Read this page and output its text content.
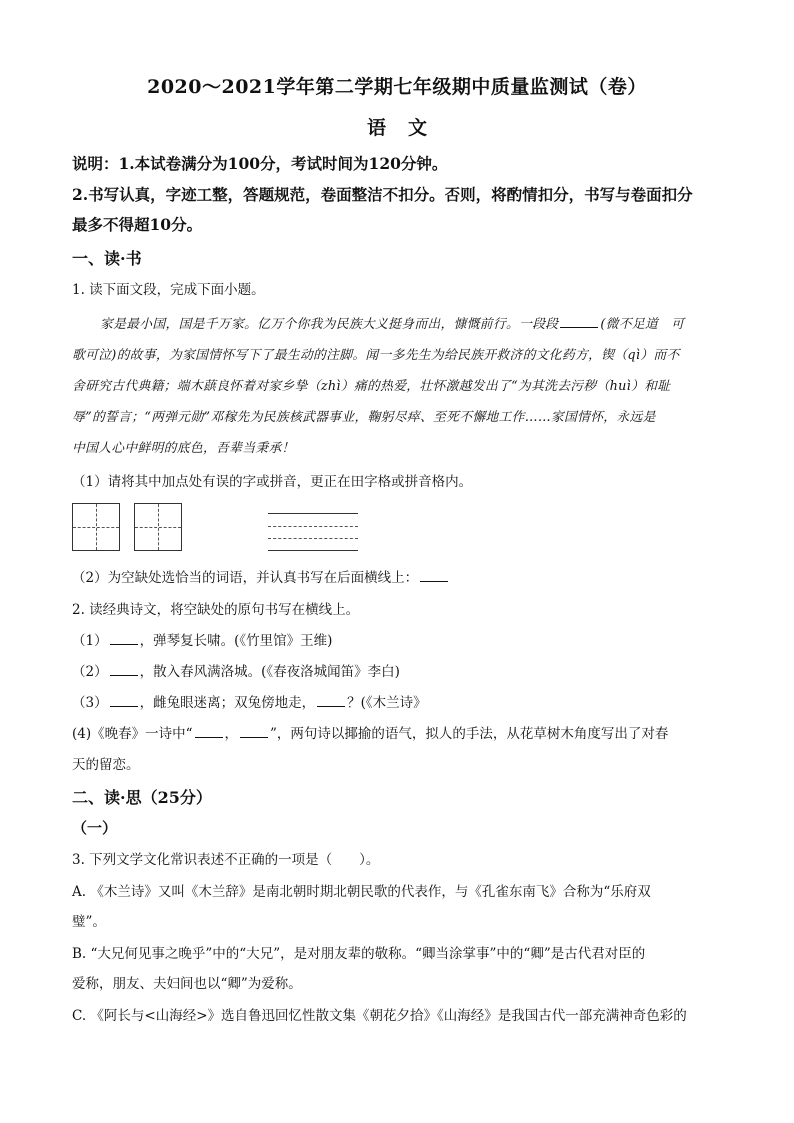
2020～2021学年第二学期七年级期中质量监测试（卷）
语文
说明：1.本试卷满分为100分，考试时间为120分钟。
2.书写认真，字迹工整，答题规范，卷面整洁不扣分。否则，将酌情扣分，书写与卷面扣分
最多不得超10分。
一、读·书
1. 读下面文段，完成下面小题。
家是最小国，国是千万家。亿万个你我为民族大义挺身而出，慷慨前行。一段段	(微不足道　可
歌可泣)的故事，为家国情怀写下了最生动的注脚。闻一多先生为给民族开救济的文化药方，锲（qì）而不
舍研究古代典籍；端木蕻良怀着对家乡挚（zhì）痛的热爱，壮怀激越发出了“为其洗去污秽（huì）和耻
辱”的誓言；“两弹元勋”邓稼先为民族核武器事业，鞠躬尽瘁、至死不懈地工作……家国情怀，永远是
中国人心中鲜明的底色，吾辈当秉承！
（1）请将其中加点处有误的字或拼音，更正在田字格或拼音格内。
（2）为空缺处选恰当的词语，并认真书写在后面横线上：
2. 读经典诗文，将空缺处的原句书写在横线上。
（1） ，弹琴复长啸。(《竹里馆》王维)
（2） ，散入春风满洛城。(《春夜洛城闻笛》李白)
（3） ，雌兔眼迷离；双兔傍地走， ？(《木兰诗》
(4)《晚春》一诗中“ ， ”，两句诗以揶揄的语气，拟人的手法，从花草树木角度写出了对春
天的留恋。
二、读·思（25分）
（一）
3. 下列文学文化常识表述不正确的一项是（　　）。
A. 《木兰诗》又叫《木兰辞》是南北朝时期北朝民歌的代表作，与《孔雀东南飞》合称为“乐府双
璧”。
B. “大兄何见事之晚乎”中的“大兄”，是对朋友辈的敬称。“卿当涂掌事”中的“卿”是古代君对臣的
爱称，朋友、夫妇间也以“卿”为爱称。
C. 《阿长与<山海经>》选自鲁迅回忆性散文集《朝花夕拾》《山海经》是我国古代一部充满神奇色彩的
